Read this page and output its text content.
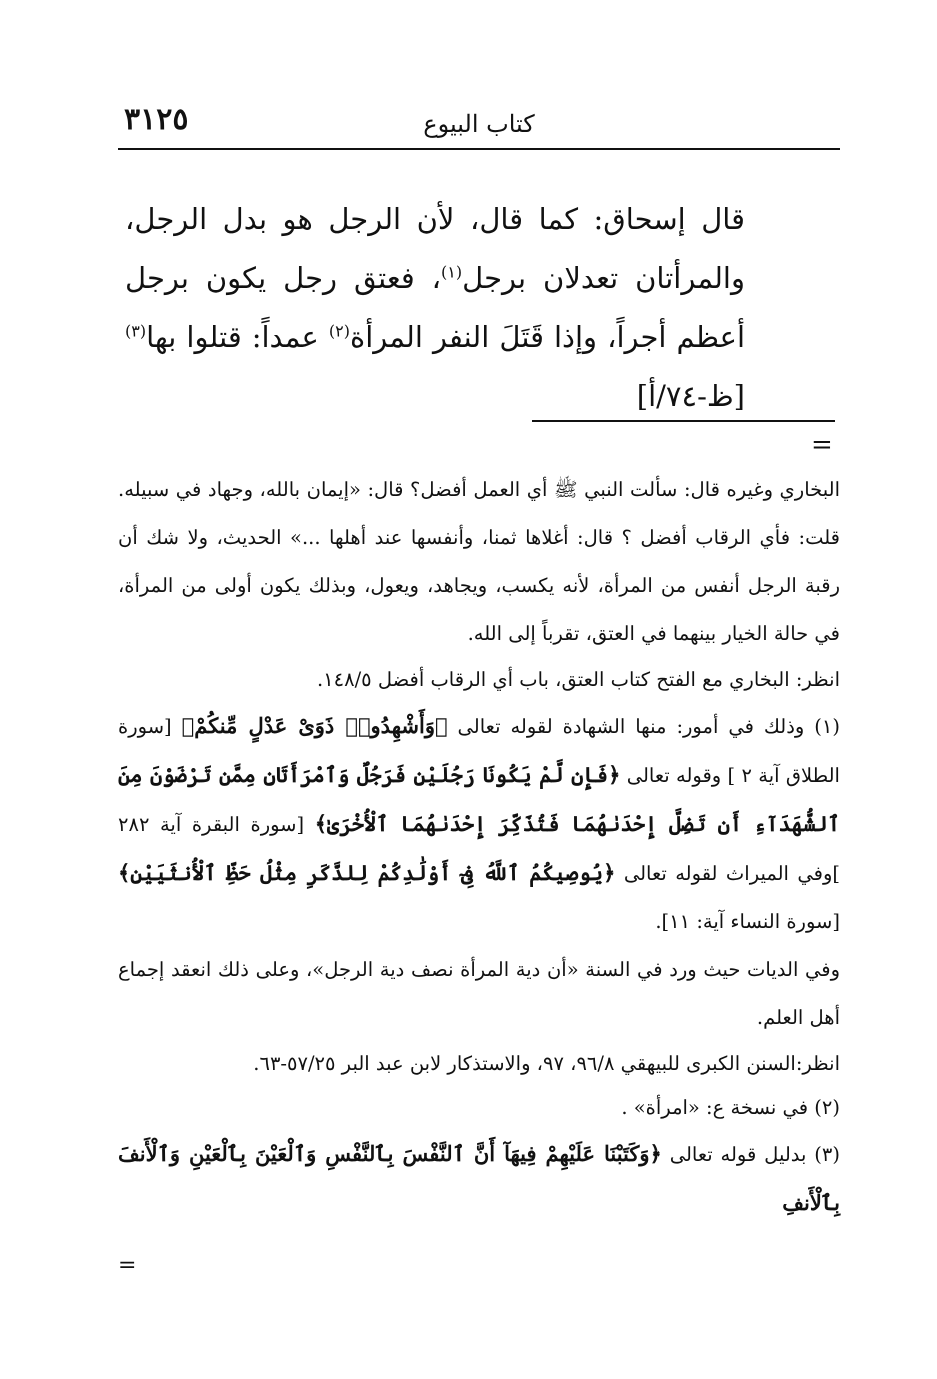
٣١٢٥	كتاب البيوع
قال إسحاق: كما قال، لأن الرجل هو بدل الرجل، والمرأتان تعدلان برجل$^{(١)}$، فعتق رجل يكون برجل أعظم أجراً، وإذا قَتَلَ النفر المرأة$^{(٢)}$ عمداً: قتلوا بها$^{(٣)}$ [ظ-٧٤/أ]
=

البخاري وغيره قال: سألت النبي ﷺ أي العمل أفضل؟ قال: «إيمان بالله، وجهاد في سبيله. قلت: فأي الرقاب أفضل ؟ قال: أغلاها ثمنا، وأنفسها عند أهلها ...» الحديث، ولا شك أن رقبة الرجل أنفس من المرأة، لأنه يكسب، ويجاهد، ويعول، وبذلك يكون أولى من المرأة، في حالة الخيار بينهما في العتق، تقرباً إلى الله.

انظر: البخاري مع الفتح كتاب العتق، باب أي الرقاب أفضل ١٤٨/٥.

(١) وذلك في أمور: منها الشهادة لقوله تعالى ﴿وَأَشْهِدُوا۟ ذَوَىْ عَدْلٍ مِّنكُمْ﴾ [سورة الطلاق آية ٢ ] وقوله تعالى ﴿فَإِن لَّمْ يَكُونَا رَجُلَيْنِ فَرَجُلٌ وَٱمْرَأَتَانِ مِمَّن تَرْضَوْنَ مِنَ ٱلشُّهَدَآءِ أَن تَضِلَّ إِحْدَىٰهُمَا فَتُذَكِّرَ إِحْدَىٰهُمَا ٱلْأُخْرَىٰ﴾ [سورة البقرة آية ٢٨٢ ]وفي الميراث لقوله تعالى ﴿يُوصِيكُمُ ٱللَّهُ فِىٓ أَوْلَٰدِكُمْ لِلذَّكَرِ مِثْلُ حَظِّ ٱلْأُنثَيَيْنِ﴾ [سورة النساء آية: ١١].

وفي الديات حيث ورد في السنة «أن دية المرأة نصف دية الرجل»، وعلى ذلك انعقد إجماع أهل العلم.

انظر:السنن الكبرى للبيهقي ٩٦/٨، ٩٧، والاستذكار لابن عبد البر ٥٧/٢٥-٦٣.

(٢) في نسخة ع: «امرأة» .

(٣) بدليل قوله تعالى ﴿وَكَتَبْنَا عَلَيْهِمْ فِيهَآ أَنَّ ٱلنَّفْسَ بِٱلنَّفْسِ وَٱلْعَيْنَ بِٱلْعَيْنِ وَٱلْأَنفَ بِٱلْأَنفِ

=
